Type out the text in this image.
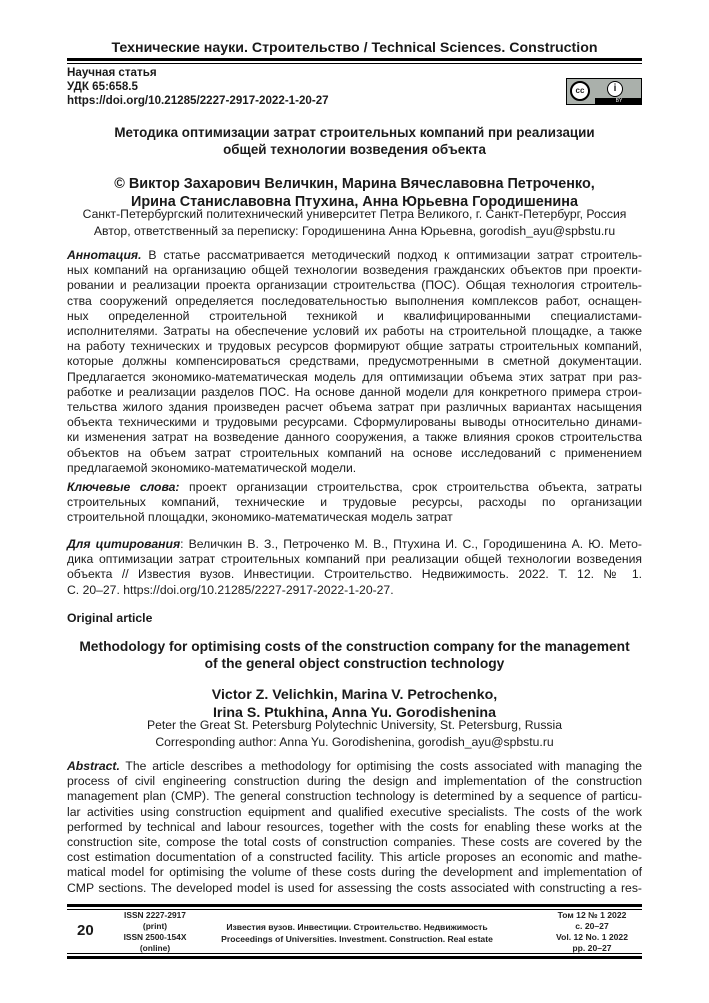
Технические науки. Строительство / Technical Sciences. Construction
Научная статья
УДК 65:658.5
https://doi.org/10.21285/2227-2917-2022-1-20-27
cc	i
BY
Методика оптимизации затрат строительных компаний при реализации
общей технологии возведения объекта
© Виктор Захарович Величкин, Марина Вячеславовна Петроченко,
Ирина Станиславовна Птухина, Анна Юрьевна Городишенина
Санкт-Петербургский политехнический университет Петра Великого, г. Санкт-Петербург, Россия
Автор, ответственный за переписку: Городишенина Анна Юрьевна, gorodish_ayu@spbstu.ru
Аннотация. В статье рассматривается методический подход к оптимизации затрат строитель-
ных компаний на организацию общей технологии возведения гражданских объектов при проекти-
ровании и реализации проекта организации строительства (ПОС). Общая технология строитель-
ства сооружений определяется последовательностью выполнения комплексов работ, оснащен-
ных определенной строительной техникой и квалифицированными специалистами-
исполнителями. Затраты на обеспечение условий их работы на строительной площадке, а также
на работу технических и трудовых ресурсов формируют общие затраты строительных компаний,
которые должны компенсироваться средствами, предусмотренными в сметной документации.
Предлагается экономико-математическая модель для оптимизации объема этих затрат при раз-
работке и реализации разделов ПОС. На основе данной модели для конкретного примера строи-
тельства жилого здания произведен расчет объема затрат при различных вариантах насыщения
объекта техническими и трудовыми ресурсами. Сформулированы выводы относительно динами-
ки изменения затрат на возведение данного сооружения, а также влияния сроков строительства
объектов на объем затрат строительных компаний на основе исследований с применением
предлагаемой экономико-математической модели.
Ключевые слова: проект организации строительства, срок строительства объекта, затраты
строительных компаний, технические и трудовые ресурсы, расходы по организации
строительной площадки, экономико-математическая модель затрат
Для цитирования: Величкин В. З., Петроченко М. В., Птухина И. С., Городишенина А. Ю. Мето-
дика оптимизации затрат строительных компаний при реализации общей технологии возведения
объекта // Известия вузов. Инвестиции. Строительство. Недвижимость. 2022. Т. 12. № 1.
С. 20–27. https://doi.org/10.21285/2227-2917-2022-1-20-27.
Original article
Methodology for optimising costs of the construction company for the management
of the general object construction technology
Victor Z. Velichkin, Marina V. Petrochenko,
Irina S. Ptukhina, Anna Yu. Gorodishenina
Peter the Great St. Petersburg Polytechnic University, St. Petersburg, Russia
Corresponding author: Anna Yu. Gorodishenina, gorodish_ayu@spbstu.ru
Abstract. The article describes a methodology for optimising the costs associated with managing the
process of civil engineering construction during the design and implementation of the construction
management plan (CMP). The general construction technology is determined by a sequence of particu-
lar activities using construction equipment and qualified executive specialists. The costs of the work
performed by technical and labour resources, together with the costs for enabling these works at the
construction site, compose the total costs of construction companies. These costs are covered by the
cost estimation documentation of a constructed facility. This article proposes an economic and mathe-
matical model for optimising the volume of these costs during the development and implementation of
CMP sections. The developed model is used for assessing the costs associated with constructing a res-
20
ISSN 2227-2917
(print)
ISSN 2500-154X
(online)
Известия вузов. Инвестиции. Строительство. Недвижимость
Proceedings of Universities. Investment. Construction. Real estate
Том 12 № 1 2022
с. 20–27
Vol. 12 No. 1 2022
pp. 20–27
